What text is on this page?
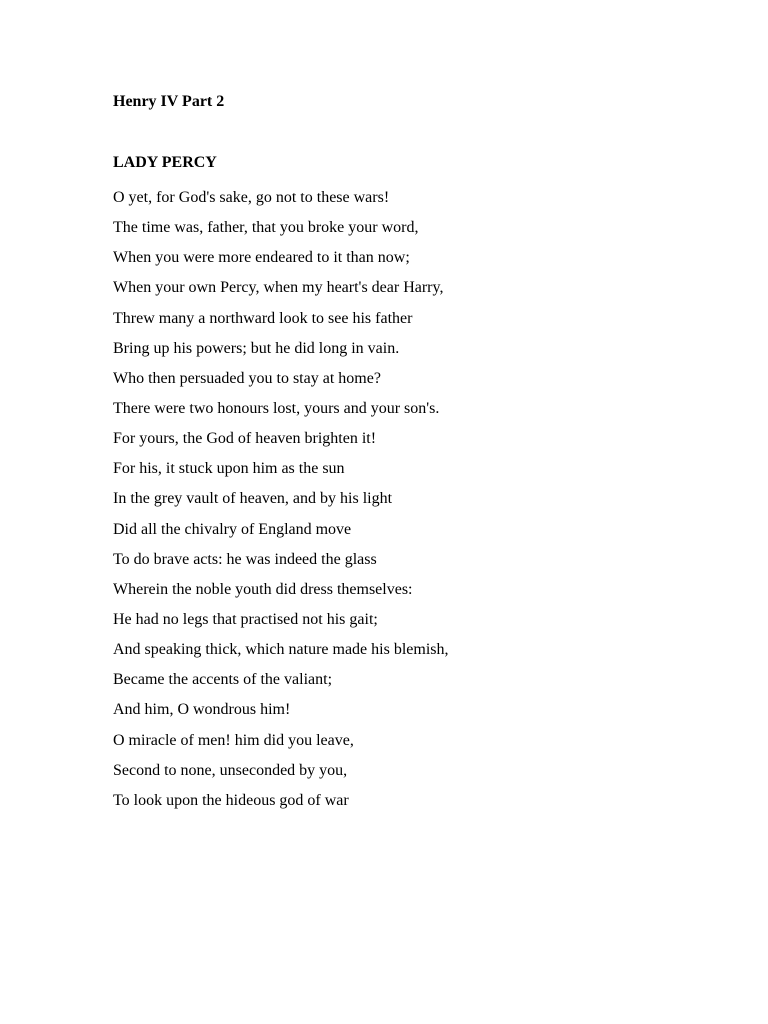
Henry IV Part 2
LADY PERCY
O yet, for God's sake, go not to these wars!
The time was, father, that you broke your word,
When you were more endeared to it than now;
When your own Percy, when my heart's dear Harry,
Threw many a northward look to see his father
Bring up his powers; but he did long in vain.
Who then persuaded you to stay at home?
There were two honours lost, yours and your son's.
For yours, the God of heaven brighten it!
For his, it stuck upon him as the sun
In the grey vault of heaven, and by his light
Did all the chivalry of England move
To do brave acts: he was indeed the glass
Wherein the noble youth did dress themselves:
He had no legs that practised not his gait;
And speaking thick, which nature made his blemish,
Became the accents of the valiant;
And him, O wondrous him!
O miracle of men! him did you leave,
Second to none, unseconded by you,
To look upon the hideous god of war
